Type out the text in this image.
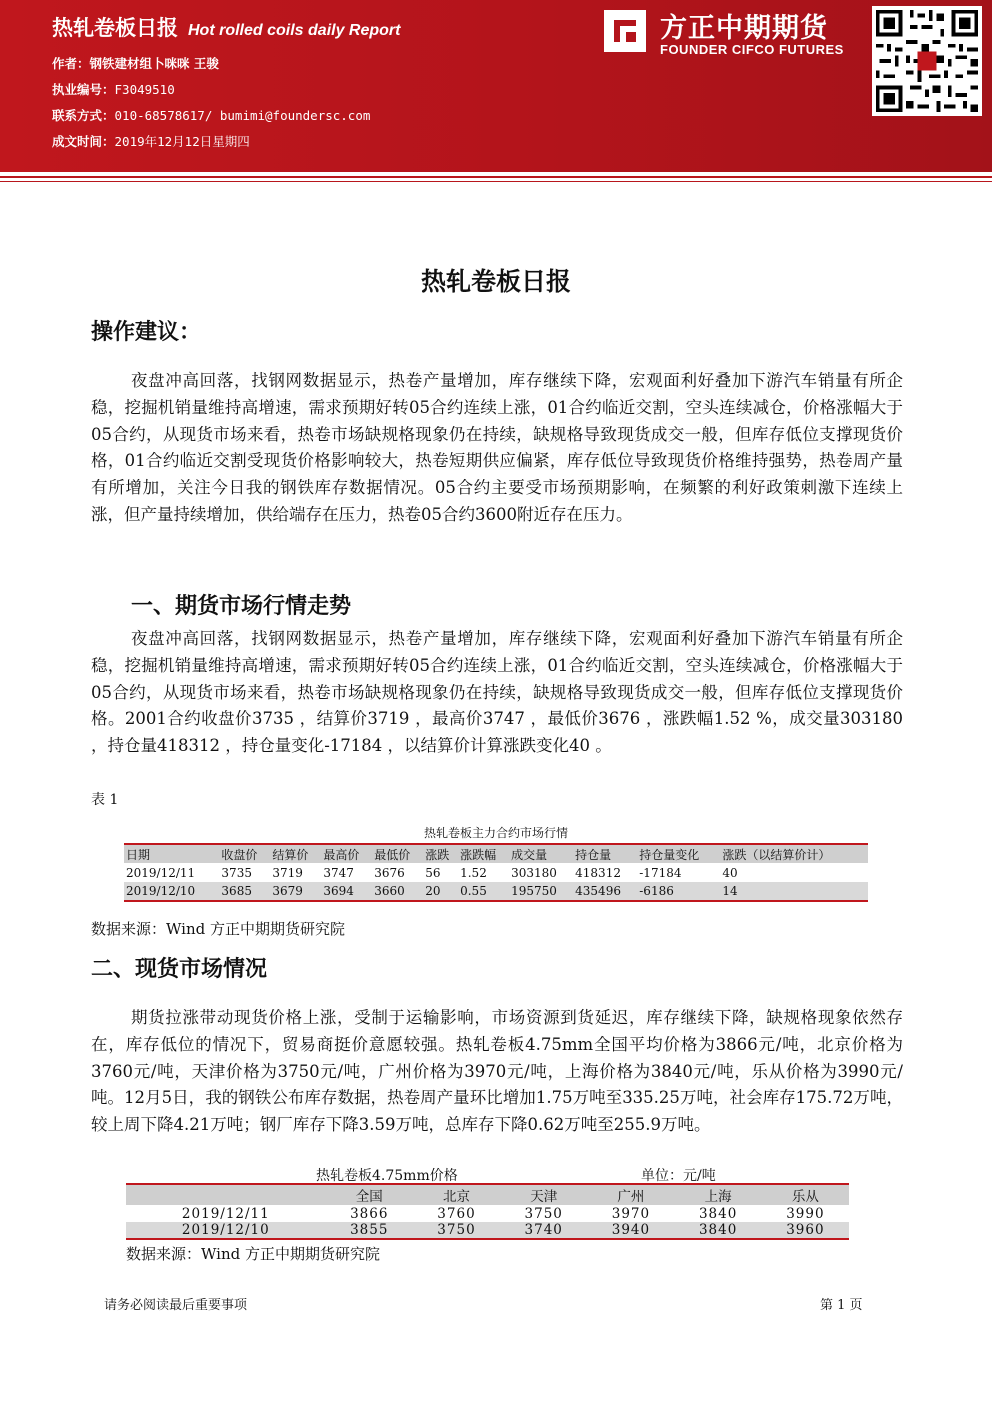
热轧卷板日报 Hot rolled coils daily Report
作者：钢铁建材组卜咪咪 王骏
执业编号：F3049510
联系方式：010-68578617/ bumimi@foundersc.com
成文时间：2019年12月12日星期四
方正中期期货
FOUNDER CIFCO FUTURES
热轧卷板日报
操作建议：
夜盘冲高回落，找钢网数据显示，热卷产量增加，库存继续下降，宏观面利好叠加下游汽车销量有所企稳，挖掘机销量维持高增速，需求预期好转05合约连续上涨，01合约临近交割，空头连续减仓，价格涨幅大于05合约，从现货市场来看，热卷市场缺规格现象仍在持续，缺规格导致现货成交一般，但库存低位支撑现货价格，01合约临近交割受现货价格影响较大，热卷短期供应偏紧，库存低位导致现货价格维持强势，热卷周产量有所增加，关注今日我的钢铁库存数据情况。05合约主要受市场预期影响，在频繁的利好政策刺激下连续上涨，但产量持续增加，供给端存在压力，热卷05合约3600附近存在压力。
一、期货市场行情走势
夜盘冲高回落，找钢网数据显示，热卷产量增加，库存继续下降，宏观面利好叠加下游汽车销量有所企稳，挖掘机销量维持高增速，需求预期好转05合约连续上涨，01合约临近交割，空头连续减仓，价格涨幅大于05合约，从现货市场来看，热卷市场缺规格现象仍在持续，缺规格导致现货成交一般，但库存低位支撑现货价格。2001合约收盘价3735 ，结算价3719 ，最高价3747 ，最低价3676 ，涨跌幅1.52 %，成交量303180 ，持仓量418312 ，持仓量变化-17184 ，以结算价计算涨跌变化40 。
表 1
热轧卷板主力合约市场行情
日期	收盘价	结算价	最高价	最低价	涨跌	涨跌幅	成交量	持仓量	持仓量变化	涨跌（以结算价计）
2019/12/11	3735	3719	3747	3676	56	1.52	303180	418312	-17184	40
2019/12/10	3685	3679	3694	3660	20	0.55	195750	435496	-6186	14
数据来源：Wind 方正中期期货研究院
二、现货市场情况
期货拉涨带动现货价格上涨，受制于运输影响，市场资源到货延迟，库存继续下降，缺规格现象依然存在，库存低位的情况下，贸易商挺价意愿较强。热轧卷板4.75mm全国平均价格为3866元/吨，北京价格为3760元/吨，天津价格为3750元/吨，广州价格为3970元/吨，上海价格为3840元/吨，乐从价格为3990元/吨。12月5日，我的钢铁公布库存数据，热卷周产量环比增加1.75万吨至335.25万吨，社会库存175.72万吨，较上周下降4.21万吨；钢厂库存下降3.59万吨，总库存下降0.62万吨至255.9万吨。
热轧卷板4.75mm价格	单位：元/吨
	全国	北京	天津	广州	上海	乐从
2019/12/11	3866	3760	3750	3970	3840	3990
2019/12/10	3855	3750	3740	3940	3840	3960
数据来源：Wind 方正中期期货研究院
请务必阅读最后重要事项	第 1 页
